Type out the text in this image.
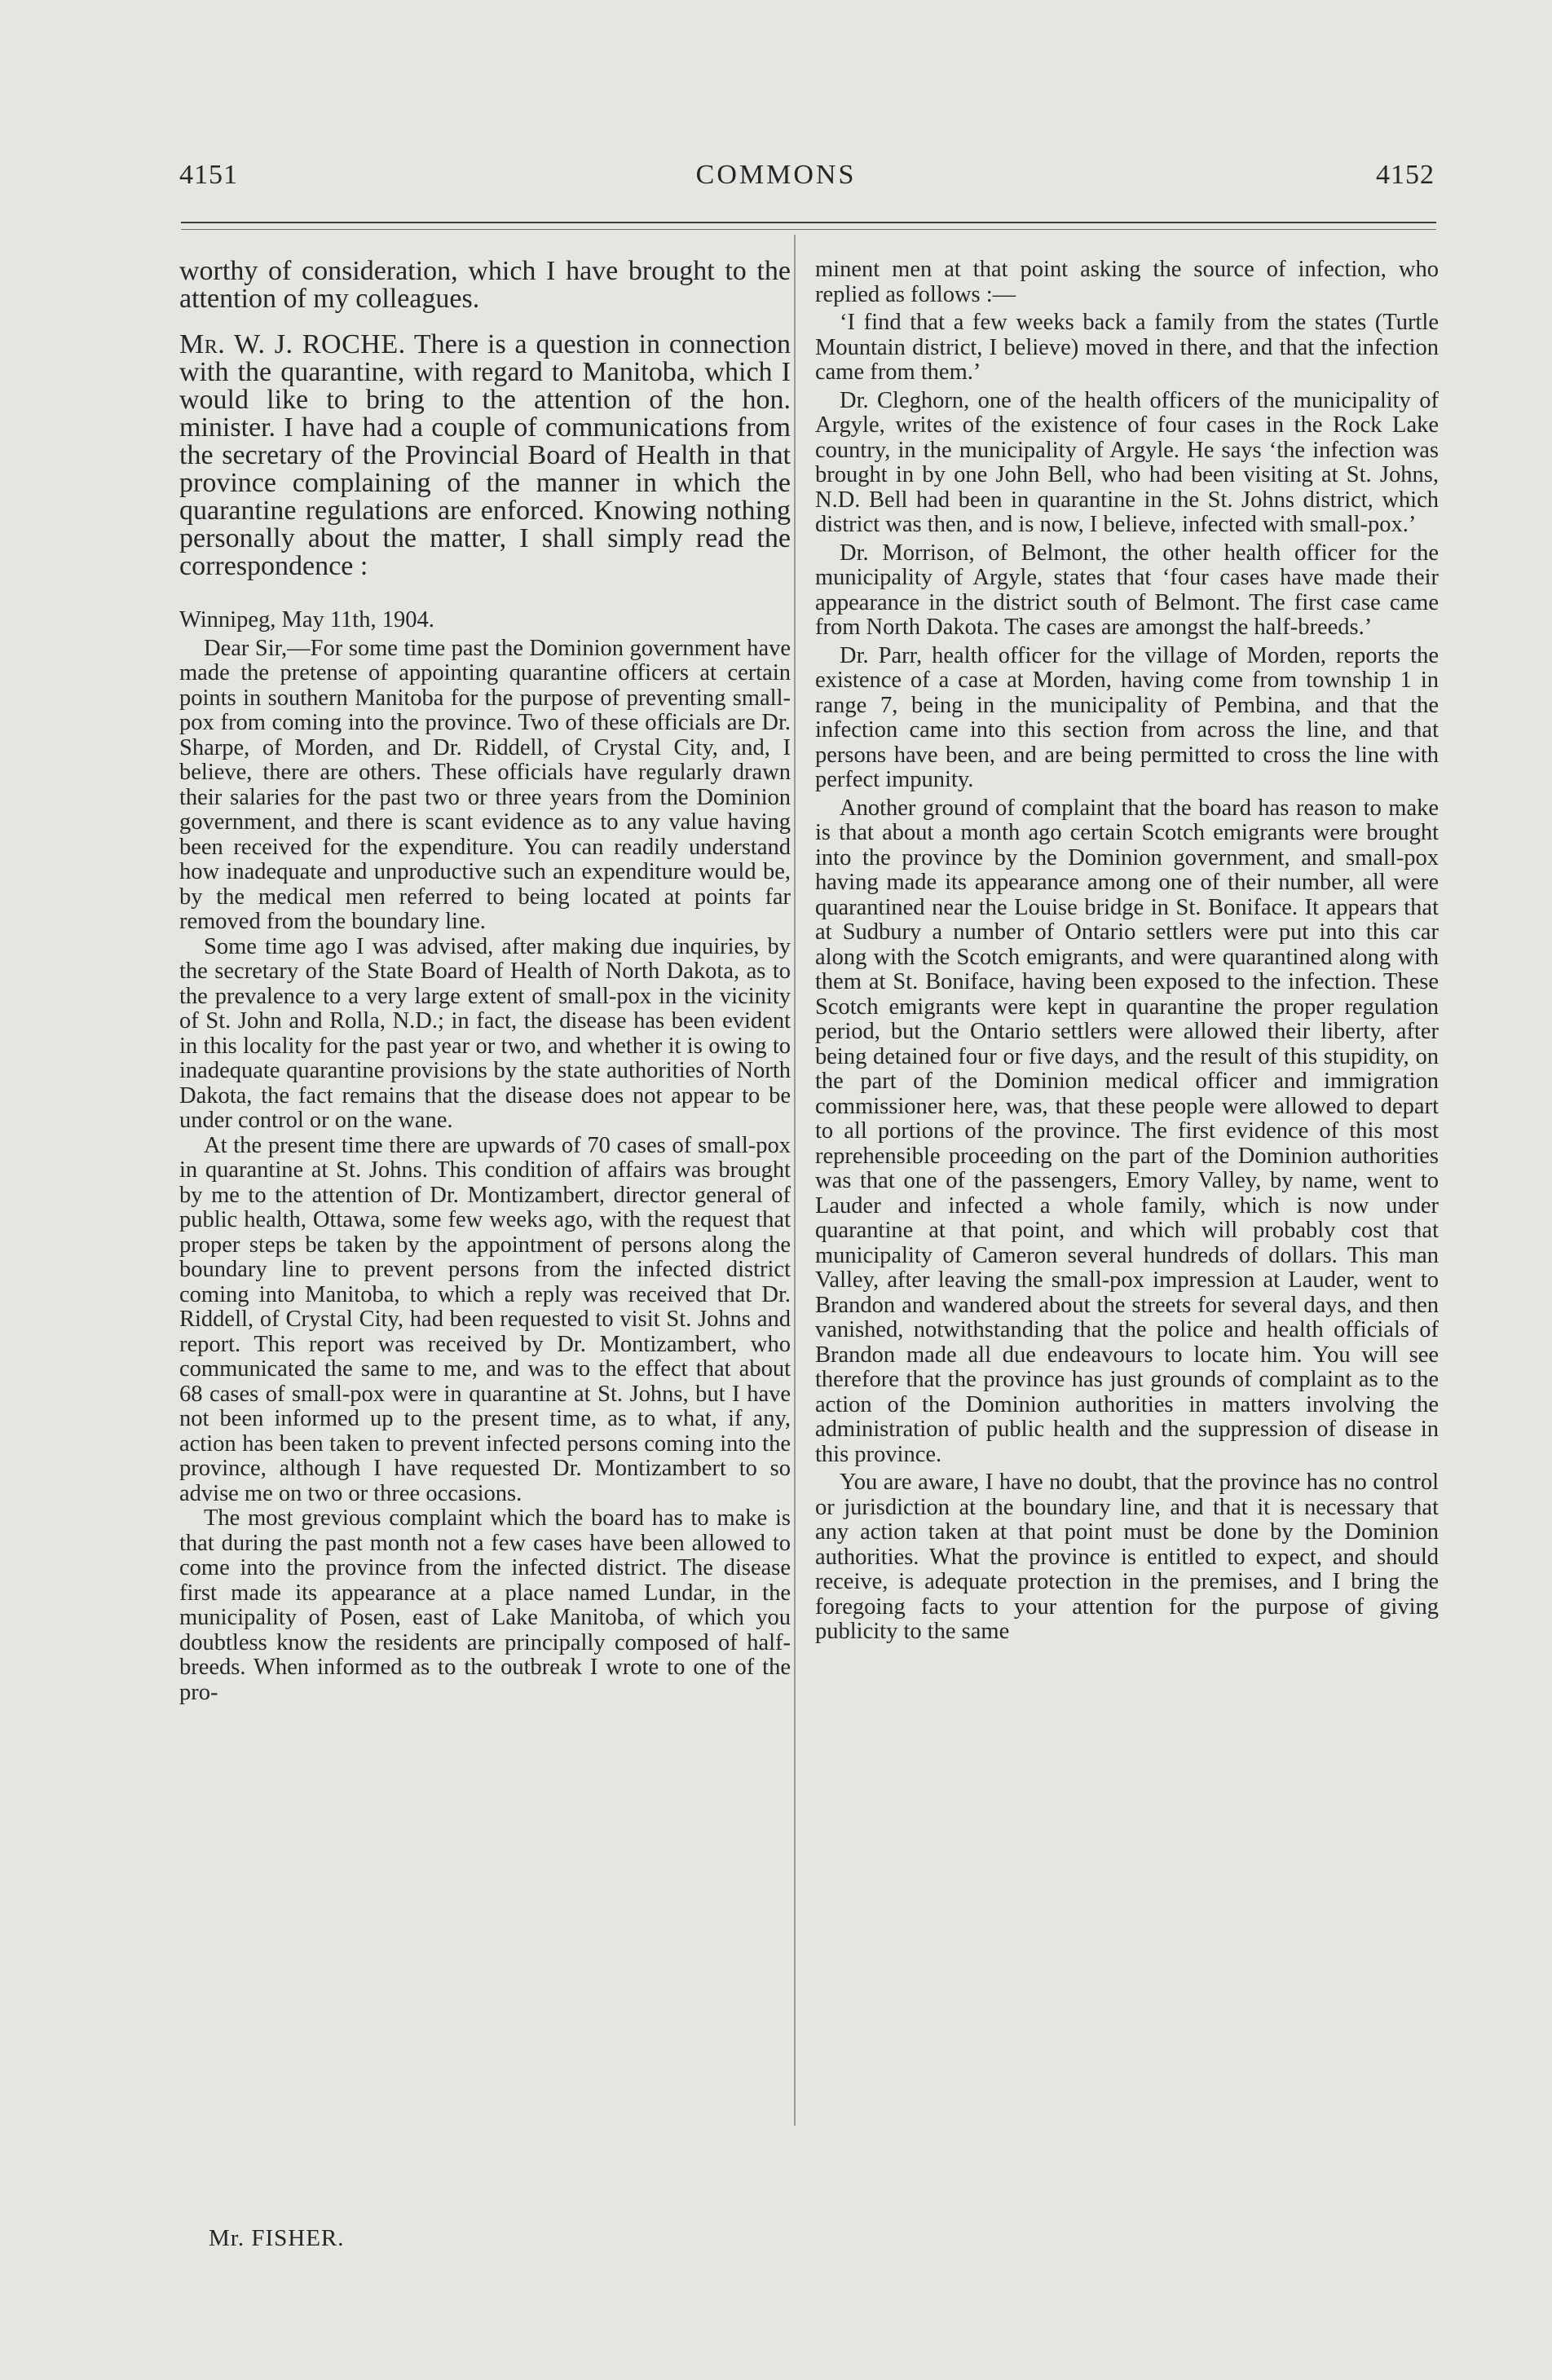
4151	COMMONS	4152

worthy of consideration, which I have brought to the attention of my colleagues.

Mr. W. J. ROCHE. There is a question in connection with the quarantine, with regard to Manitoba, which I would like to bring to the attention of the hon. minister. I have had a couple of communications from the secretary of the Provincial Board of Health in that province complaining of the manner in which the quarantine regulations are enforced. Knowing nothing personally about the matter, I shall simply read the correspondence :

Winnipeg, May 11th, 1904.

Dear Sir,—For some time past the Dominion government have made the pretense of appointing quarantine officers at certain points in southern Manitoba for the purpose of preventing small-pox from coming into the province. Two of these officials are Dr. Sharpe, of Morden, and Dr. Riddell, of Crystal City, and, I believe, there are others. These officials have regularly drawn their salaries for the past two or three years from the Dominion government, and there is scant evidence as to any value having been received for the expenditure. You can readily understand how inadequate and unproductive such an expenditure would be, by the medical men referred to being located at points far removed from the boundary line.

Some time ago I was advised, after making due inquiries, by the secretary of the State Board of Health of North Dakota, as to the prevalence to a very large extent of small-pox in the vicinity of St. John and Rolla, N.D.; in fact, the disease has been evident in this locality for the past year or two, and whether it is owing to inadequate quarantine provisions by the state authorities of North Dakota, the fact remains that the disease does not appear to be under control or on the wane.

At the present time there are upwards of 70 cases of small-pox in quarantine at St. Johns. This condition of affairs was brought by me to the attention of Dr. Montizambert, director general of public health, Ottawa, some few weeks ago, with the request that proper steps be taken by the appointment of persons along the boundary line to prevent persons from the infected district coming into Manitoba, to which a reply was received that Dr. Riddell, of Crystal City, had been requested to visit St. Johns and report. This report was received by Dr. Montizambert, who communicated the same to me, and was to the effect that about 68 cases of small-pox were in quarantine at St. Johns, but I have not been informed up to the present time, as to what, if any, action has been taken to prevent infected persons coming into the province, although I have requested Dr. Montizambert to so advise me on two or three occasions.

The most grevious complaint which the board has to make is that during the past month not a few cases have been allowed to come into the province from the infected district. The disease first made its appearance at a place named Lundar, in the municipality of Posen, east of Lake Manitoba, of which you doubtless know the residents are principally composed of half-breeds. When informed as to the outbreak I wrote to one of the pro-

minent men at that point asking the source of infection, who replied as follows :—

‘I find that a few weeks back a family from the states (Turtle Mountain district, I believe) moved in there, and that the infection came from them.’

Dr. Cleghorn, one of the health officers of the municipality of Argyle, writes of the existence of four cases in the Rock Lake country, in the municipality of Argyle. He says ‘the infection was brought in by one John Bell, who had been visiting at St. Johns, N.D. Bell had been in quarantine in the St. Johns district, which district was then, and is now, I believe, infected with small-pox.’

Dr. Morrison, of Belmont, the other health officer for the municipality of Argyle, states that ‘four cases have made their appearance in the district south of Belmont. The first case came from North Dakota. The cases are amongst the half-breeds.’

Dr. Parr, health officer for the village of Morden, reports the existence of a case at Morden, having come from township 1 in range 7, being in the municipality of Pembina, and that the infection came into this section from across the line, and that persons have been, and are being permitted to cross the line with perfect impunity.

Another ground of complaint that the board has reason to make is that about a month ago certain Scotch emigrants were brought into the province by the Dominion government, and small-pox having made its appearance among one of their number, all were quarantined near the Louise bridge in St. Boniface. It appears that at Sudbury a number of Ontario settlers were put into this car along with the Scotch emigrants, and were quarantined along with them at St. Boniface, having been exposed to the infection. These Scotch emigrants were kept in quarantine the proper regulation period, but the Ontario settlers were allowed their liberty, after being detained four or five days, and the result of this stupidity, on the part of the Dominion medical officer and immigration commissioner here, was, that these people were allowed to depart to all portions of the province. The first evidence of this most reprehensible proceeding on the part of the Dominion authorities was that one of the passengers, Emory Valley, by name, went to Lauder and infected a whole family, which is now under quarantine at that point, and which will probably cost that municipality of Cameron several hundreds of dollars. This man Valley, after leaving the small-pox impression at Lauder, went to Brandon and wandered about the streets for several days, and then vanished, notwithstanding that the police and health officials of Brandon made all due endeavours to locate him. You will see therefore that the province has just grounds of complaint as to the action of the Dominion authorities in matters involving the administration of public health and the suppression of disease in this province.

You are aware, I have no doubt, that the province has no control or jurisdiction at the boundary line, and that it is necessary that any action taken at that point must be done by the Dominion authorities. What the province is entitled to expect, and should receive, is adequate protection in the premises, and I bring the foregoing facts to your attention for the purpose of giving publicity to the same

Mr. FISHER.
